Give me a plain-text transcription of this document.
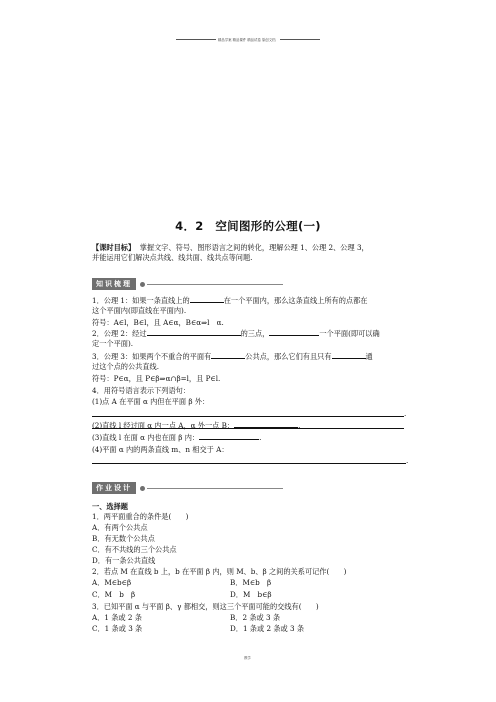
精品学案 精品课件 精品试卷 原创文档
4．2　空间图形的公理(一)
【课时目标】 掌握文字、符号、图形语言之间的转化，理解公理 1、公理 2、公理 3，
并能运用它们解决点共线、线共面、线共点等问题.
知识梳理
1．公理 1：如果一条直线上的	在一个平面内，那么这条直线上所有的点都在
这个平面内(即直线在平面内).
符号：A∈l，B∈l，且 A∈α，B∈α⇒l　α.
2．公理 2：经过	的三点，	一个平面(即可以确
定一个平面).
3．公理 3：如果两个不重合的平面有	公共点，那么它们有且只有	通
过这个点的公共直线.
符号：P∈α，且 P∈β⇒α∩β=l，且 P∈l.
4．用符号语言表示下列语句：
(1)点 A 在平面 α 内但在平面 β 外：
.
(2)直线 l 经过面 α 内一点 A，α 外一点 B：	.
(3)直线 l 在面 α 内也在面 β 内：	.
(4)平面 α 内的两条直线 m、n 相交于 A：
.
作业设计
一、选择题
1．两平面重合的条件是(　　)
A．有两个公共点
B．有无数个公共点
C．有不共线的三个公共点
D．有一条公共直线
2．若点 M 在直线 b 上，b 在平面 β 内，则 M、b、β 之间的关系可记作(　　)
A．M∈b∈β	B．M∈b　β
C．M　b　β	D．M　b∈β
3．已知平面 α 与平面 β、γ 都相交，则这三个平面可能的交线有(　　)
A．1 条或 2 条	B．2 条或 3 条
C．1 条或 3 条	D．1 条或 2 条或 3 条
教学
